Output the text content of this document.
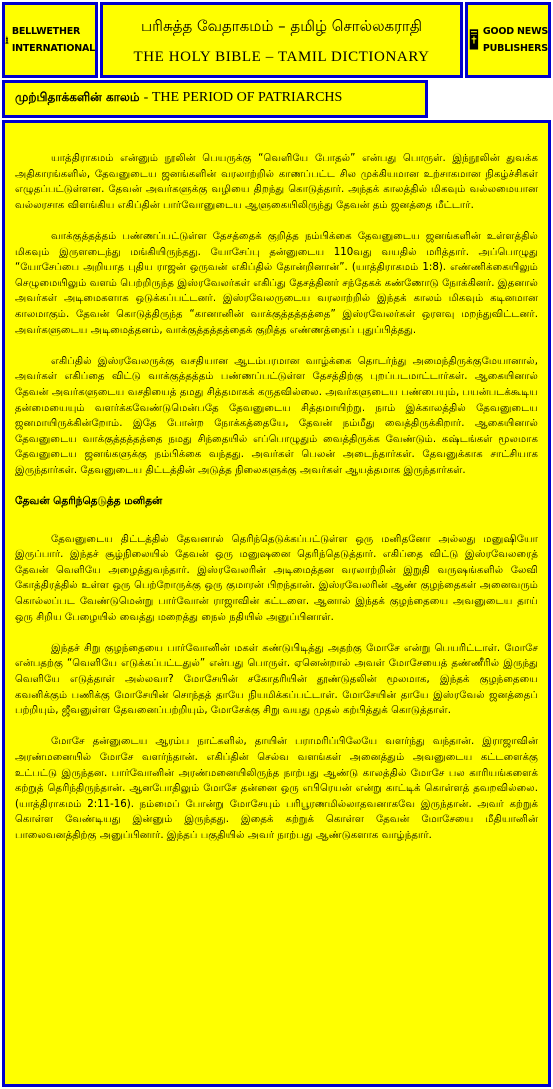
BELLWETHER
INTERNATIONAL
பரிசுத்த வேதாகமம் – தமிழ் சொல்லகராதி
THE HOLY BIBLE – TAMIL DICTIONARY
GOOD NEWS
PUBLISHERS
முற்பிதாக்களின் காலம் - THE PERIOD OF PATRIARCHS

யாத்திராகமம் என்னும் நூலின் பெயருக்கு “வெளியே போதல்” என்பது பொருள். இந்நூலின் துவக்க அதிகாரங்களில், தேவனுடைய ஜனங்களின் வரலாற்றில் காணப்பட்ட சில முக்கியமான உற்சாகமான நிகழ்ச்சிகள் எழுதப்பட்டுள்ளன. தேவன் அவர்களுக்கு வழியை திறந்து கொடுத்தார். அந்தக் காலத்தில் மிகவும் வல்லமையான வல்லரசாக விளங்கிய எகிப்தின் பார்வோனுடைய ஆளுகையிலிருந்து தேவன் தம் ஜனத்தை மீட்டார்.

வாக்குத்தத்தம் பண்ணப்பட்டுள்ள தேசத்தைக் குறித்த நம்பிக்கை தேவனுடைய ஜனங்களின் உள்ளத்தில் மிகவும் இருளடைந்து மங்கியிருந்தது. யோசேப்பு தன்னுடைய 110வது வயதில் மரித்தார். அப்பொழுது “யோசேப்பை அறியாத புதிய ராஜன் ஒருவன் எகிப்தில் தோன்றினான்”. (யாத்திராகமம் 1:8). எண்ணிக்கையிலும் செழுமையிலும் வளம் பெற்றிருந்த இஸ்ரவேலர்கள் எகிப்து தேசத்தினர் சந்தேகக் கண்ணோடு நோக்கினர். இதனால் அவர்கள் அடிமைகளாக ஒடுக்கப்பட்டனர். இஸ்ரவேலருடைய வரலாற்றில் இந்தக் காலம் மிகவும் கடினமான காலமாகும். தேவன் கொடுத்திருந்த “கானானின் வாக்குத்தத்தத்தை” இஸ்ரவேலர்கள் ஒரளவு மறந்துவிட்டனர். அவர்களுடைய அடிமைத்தனம், வாக்குத்தத்தத்தைக் குறித்த எண்ணத்தைப் புதுப்பித்தது.

எகிப்தில் இஸ்ரவேலருக்கு வசதியான ஆடம்பரமான வாழ்க்கை தொடர்ந்து அமைந்திருக்குமேயானால், அவர்கள் எகிப்தை விட்டு வாக்குத்தத்தம் பண்ணப்பட்டுள்ள தேசத்திற்கு புறப்படமாட்டார்கள். ஆகையினால் தேவன் அவர்களுடைய வசதியைத் தமது சித்தமாகக் கருதவில்லை. அவர்களுடைய பண்பையும், பயன்படக்கூடிய தன்மையையும் வளர்க்கவேண்டுமென்பதே தேவனுடைய சித்தமாயிற்று. நாம் இக்காலத்தில் தேவனுடைய ஜனமாயிருக்கின்றோம். இதே போன்ற நோக்கத்தையே, தேவன் நம்மீது வைத்திருக்கிறார். ஆகையினால் தேவனுடைய வாக்குத்தத்தத்தை நமது சிந்தையில் எப்பொழுதும் வைத்திருக்க வேண்டும். கஷ்டங்கள் மூலமாக தேவனுடைய ஜனங்களுக்கு நம்பிக்கை வந்தது. அவர்கள் பெலன் அடைந்தார்கள். தேவனுக்காக சாட்சியாக இருந்தார்கள். தேவனுடைய திட்டத்தின் அடுத்த நிலைகளுக்கு அவர்கள் ஆயத்தமாக இருந்தார்கள்.

தேவன் தெரிந்தெடுத்த மனிதன்

தேவனுடைய திட்டத்தில் தேவனால் தெரிந்தெடுக்கப்பட்டுள்ள ஒரு மனிதனோ அல்லது மனுஷியோ இருப்பார். இந்தச் சூழ்நிலையில் தேவன் ஒரு மனுஷனை தெரிந்தெடுத்தார். எகிப்தை விட்டு இஸ்ரவேலரைத் தேவன் வெளியே அழைத்துவந்தார். இஸ்ரவேலரின் அடிமைத்தன வரலாற்றின் இறுதி வருஷங்களில் லேவி கோத்திரத்தில் உள்ள ஒரு பெற்றோருக்கு ஒரு குமாரன் பிறந்தான். இஸ்ரவேலரின் ஆண் குழந்தைகள் அனைவரும் கொல்லப்பட வேண்டுமென்று பார்வோன் ராஜாவின் கட்டளை. ஆனால் இந்தக் குழந்தையை அவனுடைய தாய் ஒரு சிறிய பேழையில் வைத்து மறைத்து நைல் நதியில் அனுப்பினாள்.

இந்தச் சிறு குழந்தையை பார்வோனின் மகள் கண்டுபிடித்து அதற்கு மோசே என்று பெயரிட்டாள். மோசே என்பதற்கு “வெளியே எடுக்கப்பட்டதுல்” என்பது பொருள். ஏனென்றால் அவள் மோசேயைத் தண்ணீரில் இருந்து வெளியே எடுத்தாள் அல்லவா? மோசேயின் சகோதரியின் தூண்டுதலின் மூலமாக, இந்தக் குழந்தையை கவனிக்கும் பணிக்கு மோசேயின் சொந்தத் தாயே நியமிக்கப்பட்டாள். மோசேயின் தாயே இஸ்ரவேல் ஜனத்தைப் பற்றியும், ஜீவனுள்ள தேவனைப்பற்றியும், மோசேக்கு சிறு வயது முதல் கற்பித்துக் கொடுத்தாள்.

மோசே தன்னுடைய ஆரம்ப நாட்களில், தாயின் பராமரிப்பிலேயே வளர்ந்து வந்தான். இராஜாவின் அரண்மனையில் மோசே வளர்ந்தான். எகிப்தின் செல்வ வளங்கள் அனைத்தும் அவனுடைய கட்டளைக்கு உட்பட்டு இருந்தன. பார்வோனின் அரண்மனையிலிருந்த நாற்பது ஆண்டு காலத்தில் மோசே பல காரியங்களைக் கற்றுத் தெரிந்திருந்தான். ஆனபோதிலும் மோசே தன்னை ஒரு எபிரெயன் என்று காட்டிக் கொள்ளத் தவறவில்லை. (யாத்திராகமம் 2:11-16). நம்மைப் போன்று மோசேயும் பரிபூரணமில்லாதவனாகவே இருந்தான். அவர் கற்றுக் கொள்ள வேண்டியது இன்னும் இருந்தது. இதைக் கற்றுக் கொள்ள தேவன் மோசேயை மீதியானின் பாலைவனத்திற்கு அனுப்பினார். இந்தப் பகுதியில் அவர் நாற்பது ஆண்டுகளாக வாழ்ந்தார்.
